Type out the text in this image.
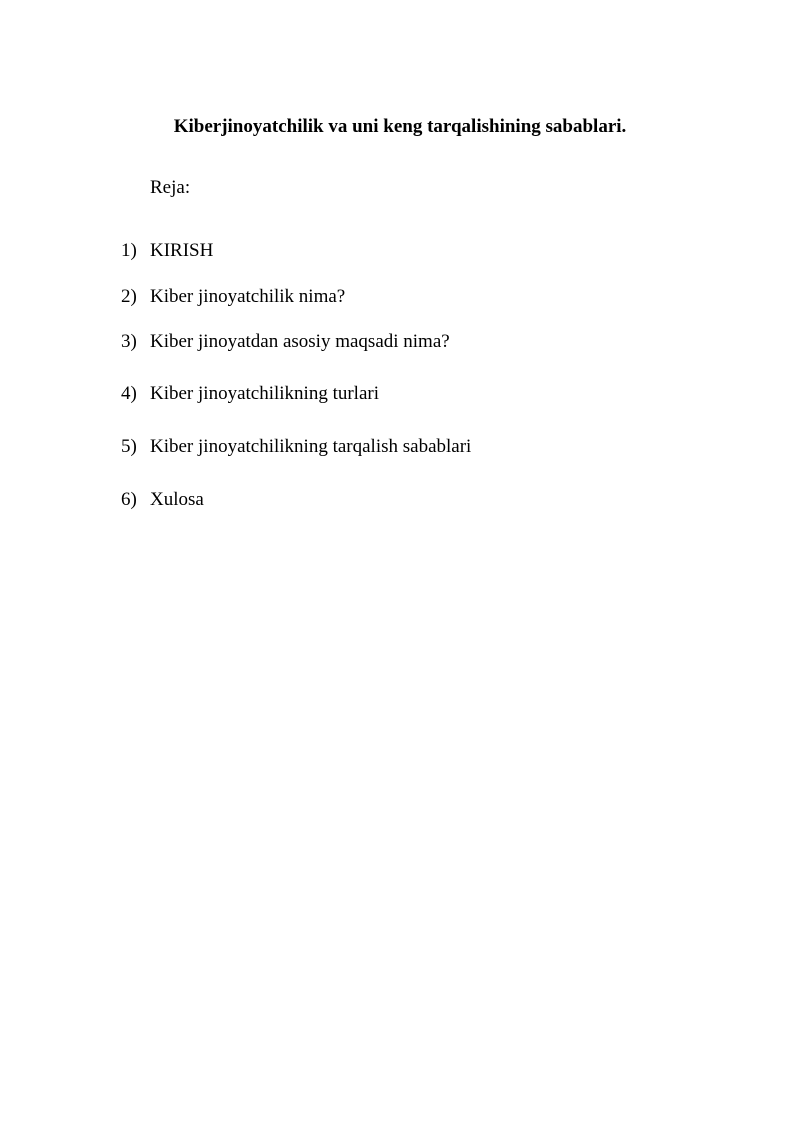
Kiberjinoyatchilik va uni keng tarqalishining sabablari.
Reja:
1) KIRISH
2) Kiber jinoyatchilik nima?
3) Kiber jinoyatdan asosiy maqsadi nima?
4) Kiber jinoyatchilikning turlari
5) Kiber jinoyatchilikning tarqalish sabablari
6) Xulosa
